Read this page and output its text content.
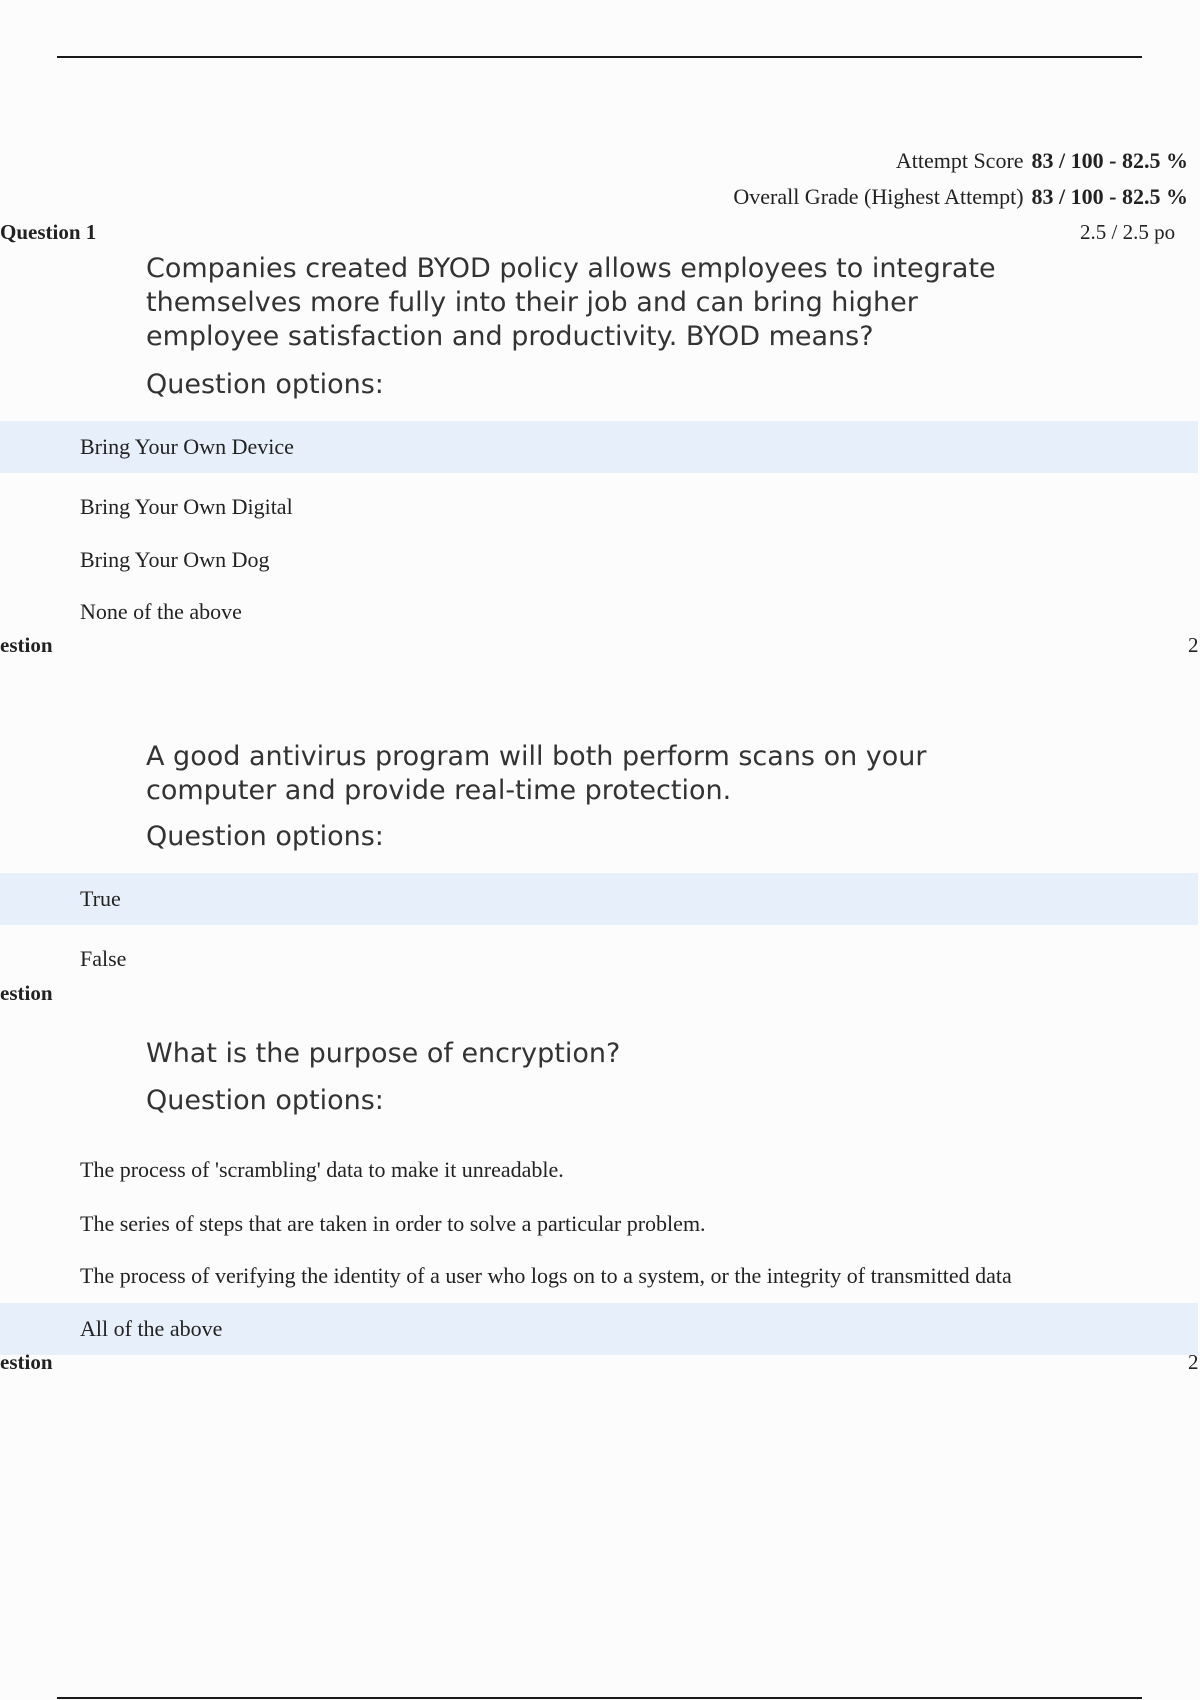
Attempt Score 83 / 100 - 82.5 %
Overall Grade (Highest Attempt) 83 / 100 - 82.5 %
Question 1	2.5 / 2.5 po
Companies created BYOD policy allows employees to integrate themselves more fully into their job and can bring higher employee satisfaction and productivity. BYOD means?
Question options:
Bring Your Own Device
Bring Your Own Digital
Bring Your Own Dog
None of the above
estion	2
A good antivirus program will both perform scans on your computer and provide real-time protection.
Question options:
True
False
estion
What is the purpose of encryption?
Question options:
The process of 'scrambling' data to make it unreadable.
The series of steps that are taken in order to solve a particular problem.
The process of verifying the identity of a user who logs on to a system, or the integrity of transmitted data
All of the above
estion	2
